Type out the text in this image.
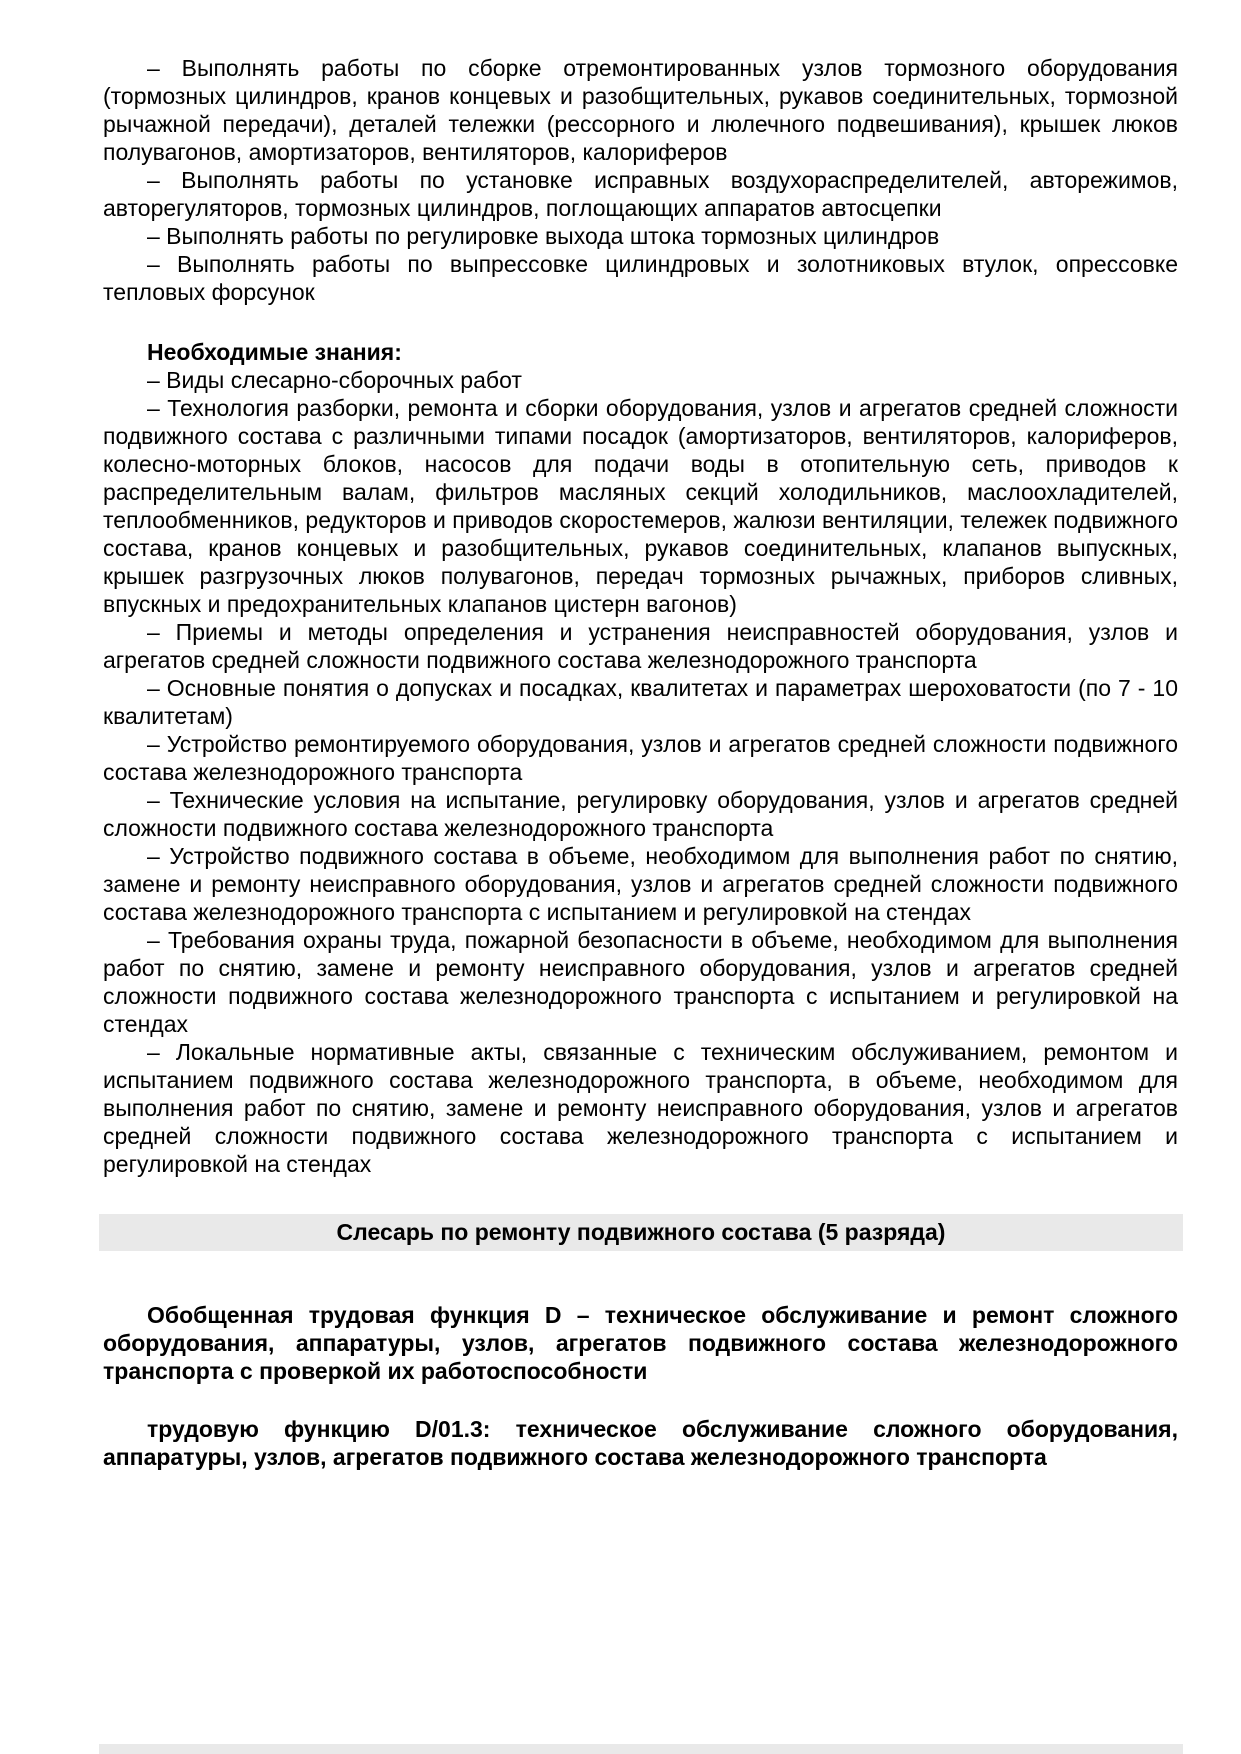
– Выполнять работы по сборке отремонтированных узлов тормозного оборудования (тормозных цилиндров, кранов концевых и разобщительных, рукавов соединительных, тормозной рычажной передачи), деталей тележки (рессорного и люлечного подвешивания), крышек люков полувагонов, амортизаторов, вентиляторов, калориферов

– Выполнять работы по установке исправных воздухораспределителей, авторежимов, авторегуляторов, тормозных цилиндров, поглощающих аппаратов автосцепки

– Выполнять работы по регулировке выхода штока тормозных цилиндров

– Выполнять работы по выпрессовке цилиндровых и золотниковых втулок, опрессовке тепловых форсунок

Необходимые знания:

– Виды слесарно-сборочных работ

– Технология разборки, ремонта и сборки оборудования, узлов и агрегатов средней сложности подвижного состава с различными типами посадок (амортизаторов, вентиляторов, калориферов, колесно-моторных блоков, насосов для подачи воды в отопительную сеть, приводов к распределительным валам, фильтров масляных секций холодильников, маслоохладителей, теплообменников, редукторов и приводов скоростемеров, жалюзи вентиляции, тележек подвижного состава, кранов концевых и разобщительных, рукавов соединительных, клапанов выпускных, крышек разгрузочных люков полувагонов, передач тормозных рычажных, приборов сливных, впускных и предохранительных клапанов цистерн вагонов)

– Приемы и методы определения и устранения неисправностей оборудования, узлов и агрегатов средней сложности подвижного состава железнодорожного транспорта

– Основные понятия о допусках и посадках, квалитетах и параметрах шероховатости (по 7 - 10 квалитетам)

– Устройство ремонтируемого оборудования, узлов и агрегатов средней сложности подвижного состава железнодорожного транспорта

– Технические условия на испытание, регулировку оборудования, узлов и агрегатов средней сложности подвижного состава железнодорожного транспорта

– Устройство подвижного состава в объеме, необходимом для выполнения работ по снятию, замене и ремонту неисправного оборудования, узлов и агрегатов средней сложности подвижного состава железнодорожного транспорта с испытанием и регулировкой на стендах

– Требования охраны труда, пожарной безопасности в объеме, необходимом для выполнения работ по снятию, замене и ремонту неисправного оборудования, узлов и агрегатов средней сложности подвижного состава железнодорожного транспорта с испытанием и регулировкой на стендах

– Локальные нормативные акты, связанные с техническим обслуживанием, ремонтом и испытанием подвижного состава железнодорожного транспорта, в объеме, необходимом для выполнения работ по снятию, замене и ремонту неисправного оборудования, узлов и агрегатов средней сложности подвижного состава железнодорожного транспорта с испытанием и регулировкой на стендах

Слесарь по ремонту подвижного состава (5 разряда)

Обобщенная трудовая функция D – техническое обслуживание и ремонт сложного оборудования, аппаратуры, узлов, агрегатов подвижного состава железнодорожного транспорта с проверкой их работоспособности

трудовую функцию D/01.3: техническое обслуживание сложного оборудования, аппаратуры, узлов, агрегатов подвижного состава железнодорожного транспорта
